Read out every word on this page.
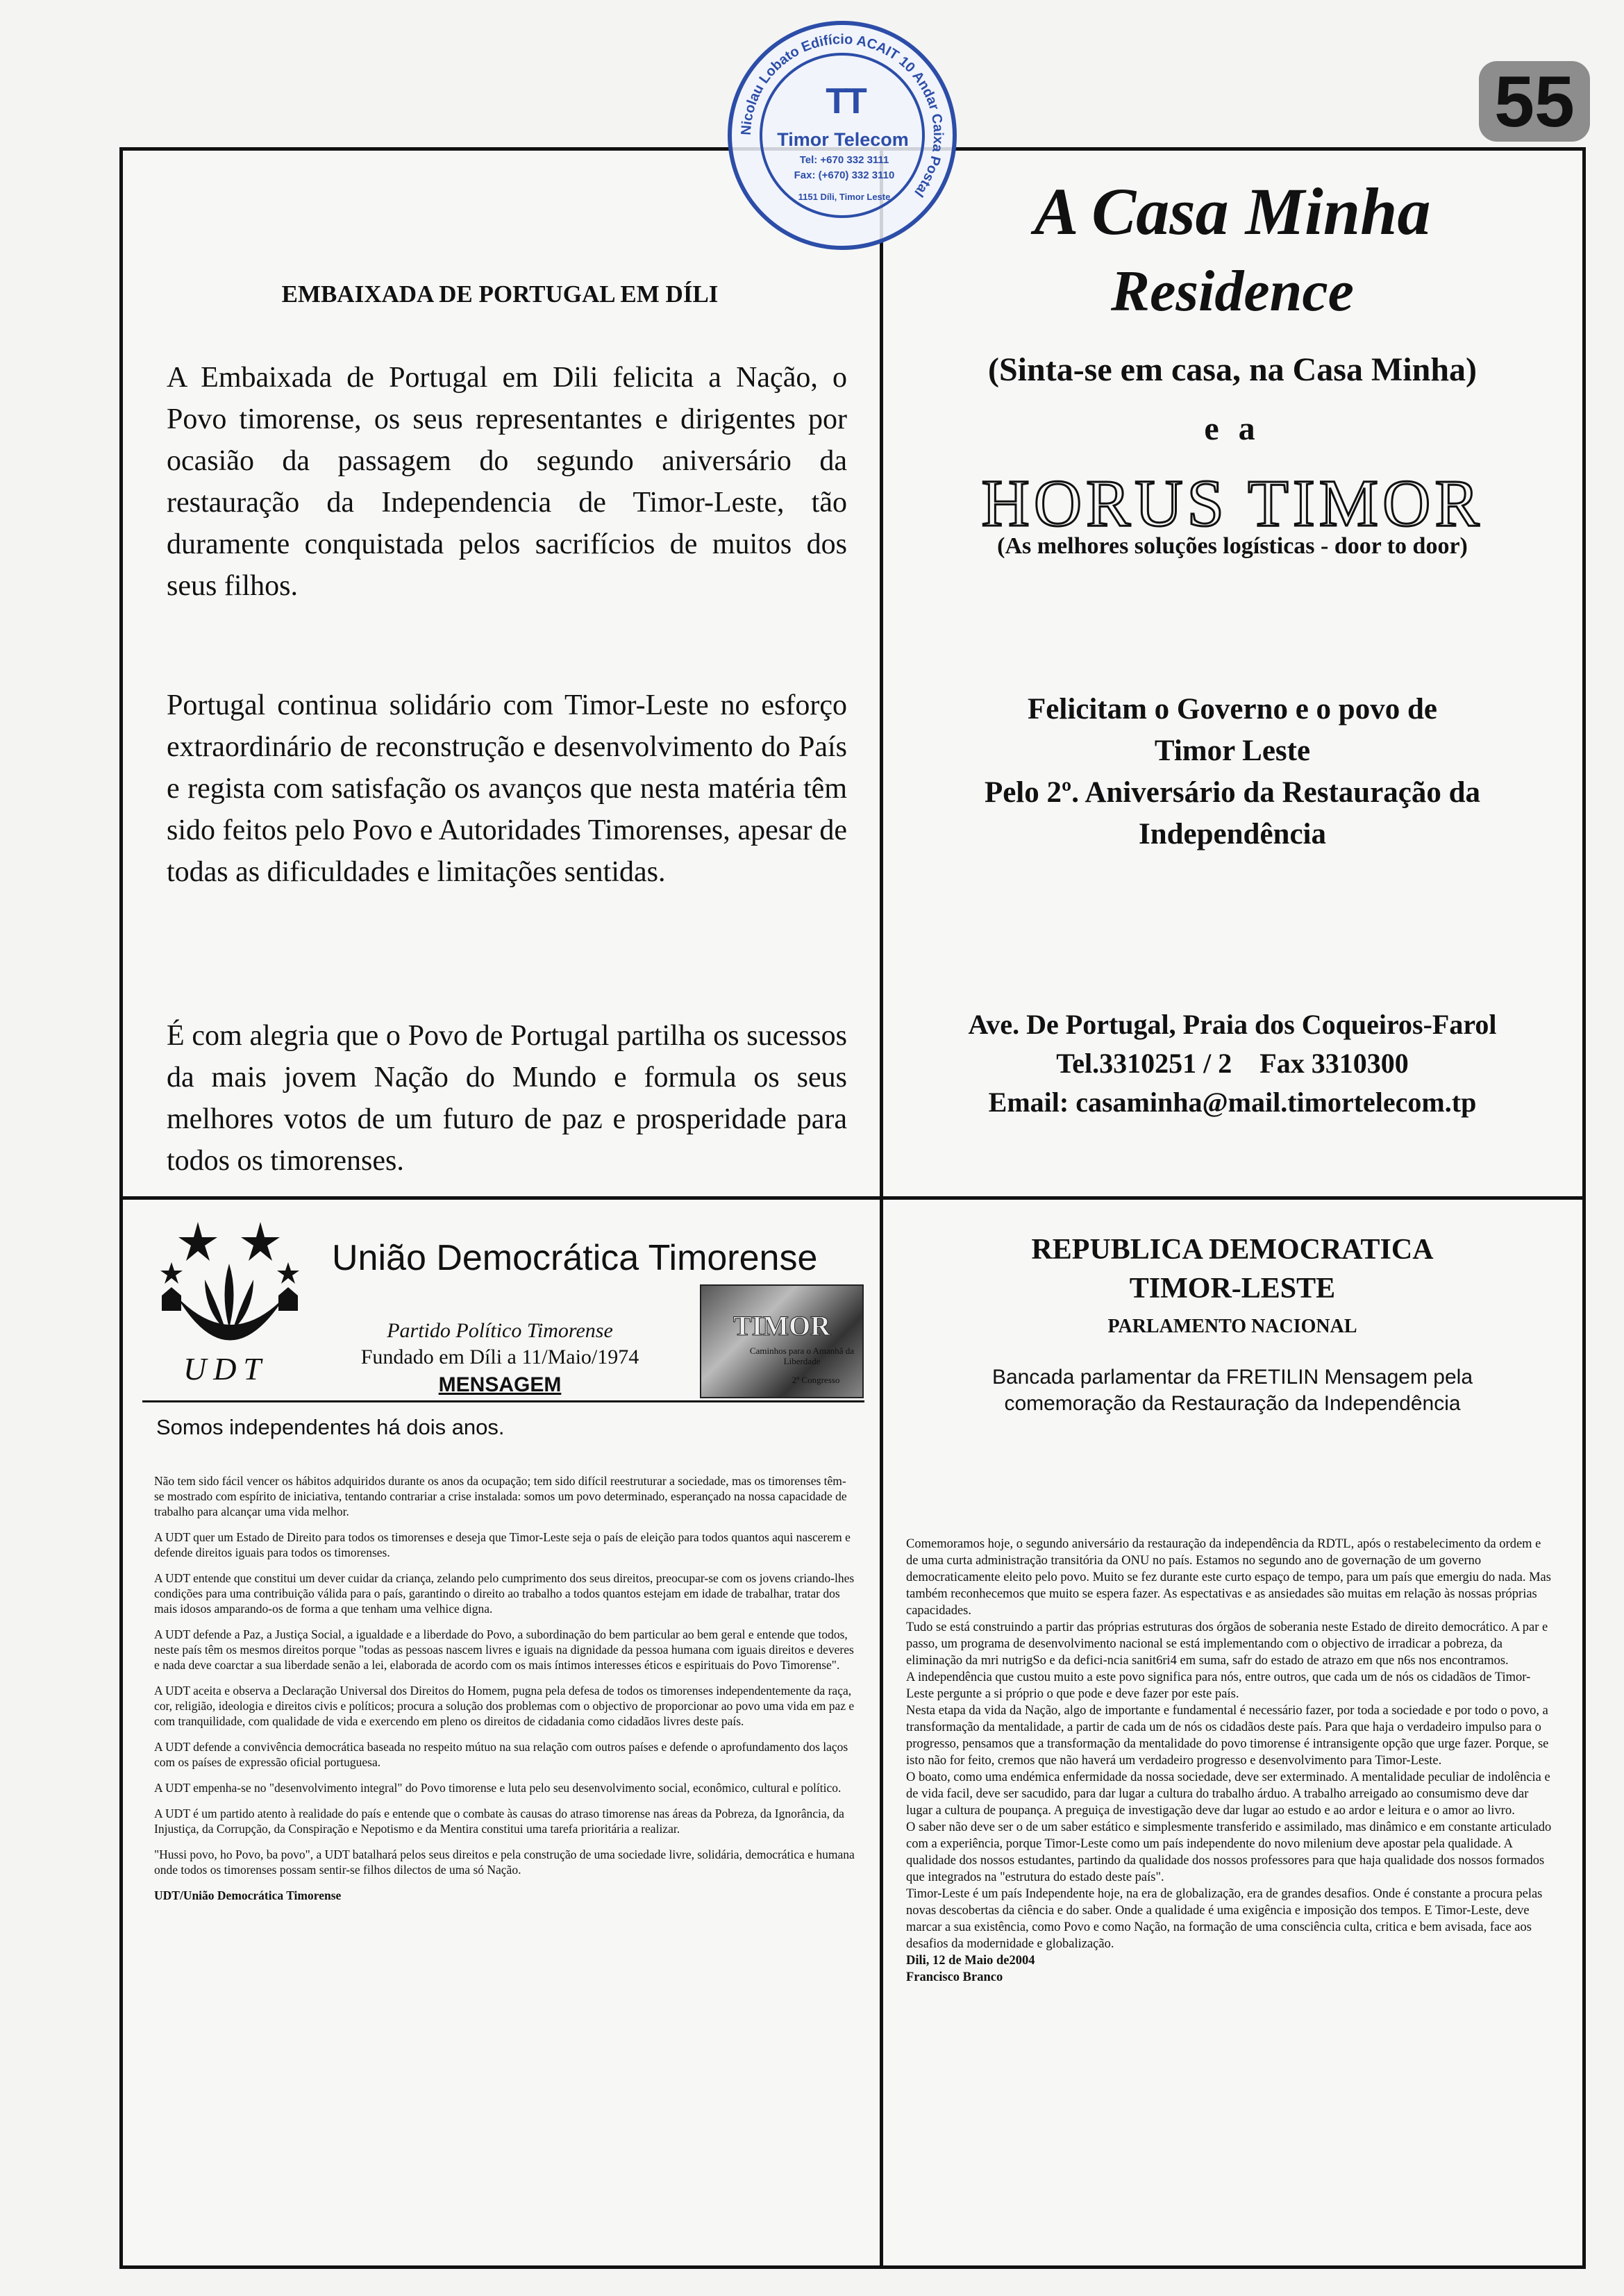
55
Nicolau Lobato Edifício ACAIT 10 Andar Caixa Postal
TT
Timor Telecom
Tel: +670 332 3111
Fax: (+670) 332 3110
1151 Díli, Timor Leste
EMBAIXADA DE PORTUGAL EM DÍLI
A Embaixada de Portugal em Dili felicita a Nação, o Povo timorense, os seus representantes e dirigentes por ocasião da passagem do segundo aniversário da restauração da Independencia de Timor-Leste, tão duramente conquistada pelos sacrifícios de muitos dos seus filhos.
Portugal continua solidário com Timor-Leste no esforço extraordinário de reconstrução e desenvolvimento do País e regista com satisfação os avanços que nesta matéria têm sido feitos pelo Povo e Autoridades Timorenses, apesar de todas as dificuldades e limitações sentidas.
É com alegria que o Povo de Portugal partilha os sucessos da mais jovem Nação do Mundo e formula os seus melhores votos de um futuro de paz e prosperidade para todos os timorenses.
A Casa Minha
Residence
(Sinta-se em casa, na Casa Minha)
e a
HORUS TIMOR
(As melhores soluções logísticas - door to door)
Felicitam o Governo e o povo de
Timor Leste
Pelo 2º. Aniversário da Restauração da
Independência
Ave. De Portugal, Praia dos Coqueiros-Farol
Tel.3310251 / 2    Fax 3310300
Email: casaminha@mail.timortelecom.tp
UDT
União Democrática Timorense
Partido Político Timorense
Fundado em Díli a 11/Maio/1974
MENSAGEM
TIMOR
Caminhos para o Amanhã da Liberdade
2º Congresso
Somos independentes há dois anos.

Não tem sido fácil vencer os hábitos adquiridos durante os anos da ocupação; tem sido difícil reestruturar a sociedade, mas os timorenses têm-se mostrado com espírito de iniciativa, tentando contrariar a crise instalada: somos um povo determinado, esperançado na nossa capacidade de trabalho para alcançar uma vida melhor.

A UDT quer um Estado de Direito para todos os timorenses e deseja que Timor-Leste seja o país de eleição para todos quantos aqui nascerem e defende direitos iguais para todos os timorenses.

A UDT entende que constitui um dever cuidar da criança, zelando pelo cumprimento dos seus direitos, preocupar-se com os jovens criando-lhes condições para uma contribuição válida para o país, garantindo o direito ao trabalho a todos quantos estejam em idade de trabalhar, tratar dos mais idosos amparando-os de forma a que tenham uma velhice digna.

A UDT defende a Paz, a Justiça Social, a igualdade e a liberdade do Povo, a subordinação do bem particular ao bem geral e entende que todos, neste país têm os mesmos direitos porque "todas as pessoas nascem livres e iguais na dignidade da pessoa humana com iguais direitos e deveres e nada deve coarctar a sua liberdade senão a lei, elaborada de acordo com os mais íntimos interesses éticos e espirituais do Povo Timorense".

A UDT aceita e observa a Declaração Universal dos Direitos do Homem, pugna pela defesa de todos os timorenses independentemente da raça, cor, religião, ideologia e direitos civis e políticos; procura a solução dos problemas com o objectivo de proporcionar ao povo uma vida em paz e com tranquilidade, com qualidade de vida e exercendo em pleno os direitos de cidadania como cidadãos livres deste país.

A UDT defende a convivência democrática baseada no respeito mútuo na sua relação com outros países e defende o aprofundamento dos laços com os países de expressão oficial portuguesa.

A UDT empenha-se no "desenvolvimento integral" do Povo timorense e luta pelo seu desenvolvimento social, econômico, cultural e político.

A UDT é um partido atento à realidade do país e entende que o combate às causas do atraso timorense nas áreas da Pobreza, da Ignorância, da Injustiça, da Corrupção, da Conspiração e Nepotismo e da Mentira constitui uma tarefa prioritária a realizar.

"Hussi povo, ho Povo, ba povo", a UDT batalhará pelos seus direitos e pela construção de uma sociedade livre, solidária, democrática e humana onde todos os timorenses possam sentir-se filhos dilectos de uma só Nação.

UDT/União Democrática Timorense

REPUBLICA DEMOCRATICA
TIMOR-LESTE
PARLAMENTO NACIONAL
Bancada parlamentar da FRETILIN Mensagem pela comemoração da Restauração da Independência

Comemoramos hoje, o segundo aniversário da restauração da independência da RDTL, após o restabelecimento da ordem e de uma curta administração transitória da ONU no país. Estamos no segundo ano de governação de um governo democraticamente eleito pelo povo. Muito se fez durante este curto espaço de tempo, para um país que emergiu do nada. Mas também reconhecemos que muito se espera fazer. As espectativas e as ansiedades são muitas em relação às nossas próprias capacidades.

Tudo se está construindo a partir das próprias estruturas dos órgãos de soberania neste Estado de direito democrático. A par e passo, um programa de desenvolvimento nacional se está implementando com o objectivo de irradicar a pobreza, da eliminação da mri nutrigSo e da defici-ncia sanit6ri4 em suma, safr do estado de atrazo em que n6s nos encontramos.

A independência que custou muito a este povo significa para nós, entre outros, que cada um de nós os cidadãos de Timor-Leste pergunte a si próprio o que pode e deve fazer por este país.

Nesta etapa da vida da Nação, algo de importante e fundamental é necessário fazer, por toda a sociedade e por todo o povo, a transformação da mentalidade, a partir de cada um de nós os cidadãos deste país. Para que haja o verdadeiro impulso para o progresso, pensamos que a transformação da mentalidade do povo timorense é intransigente opção que urge fazer. Porque, se isto não for feito, cremos que não haverá um verdadeiro progresso e desenvolvimento para Timor-Leste.

O boato, como uma endémica enfermidade da nossa sociedade, deve ser exterminado. A mentalidade peculiar de indolência e de vida facil, deve ser sacudido, para dar lugar a cultura do trabalho árduo. A trabalho arreigado ao consumismo deve dar lugar a cultura de poupança. A preguiça de investigação deve dar lugar ao estudo e ao ardor e leitura e o amor ao livro.

O saber não deve ser o de um saber estático e simplesmente transferido e assimilado, mas dinâmico e em constante articulado com a experiência, porque Timor-Leste como um país independente do novo milenium deve apostar pela qualidade. A qualidade dos nossos estudantes, partindo da qualidade dos nossos professores para que haja qualidade dos nossos formados que integrados na "estrutura do estado deste país".

Timor-Leste é um país Independente hoje, na era de globalização, era de grandes desafios. Onde é constante a procura pelas novas descobertas da ciência e do saber. Onde a qualidade é uma exigência e imposição dos tempos. E Timor-Leste, deve marcar a sua existência, como Povo e como Nação, na formação de uma consciência culta, critica e bem avisada, face aos desafios da modernidade e globalização.

Dili, 12 de Maio de2004

Francisco Branco
